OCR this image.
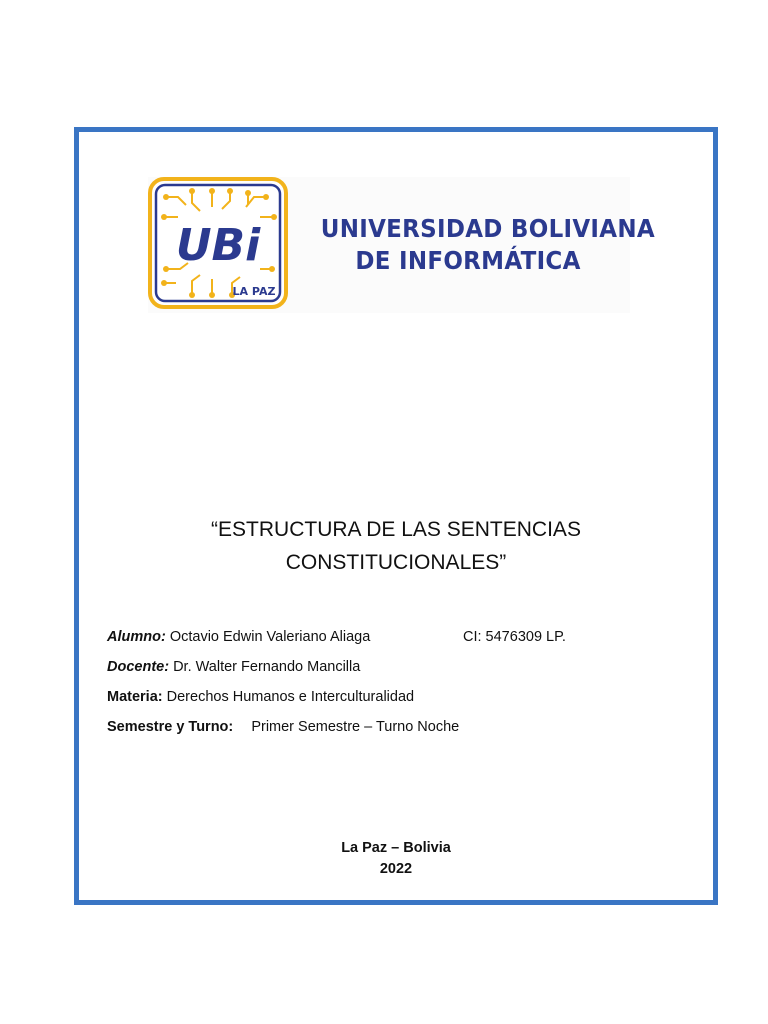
UBi
LA PAZ
UNIVERSIDAD BOLIVIANA
DE INFORMÁTICA
“ESTRUCTURA DE LAS SENTENCIAS
CONSTITUCIONALES”
Alumno: Octavio Edwin Valeriano Aliaga	CI: 5476309 LP.
Docente: Dr. Walter Fernando Mancilla
Materia: Derechos Humanos e Interculturalidad
Semestre y Turno:  Primer Semestre – Turno Noche
La Paz – Bolivia
2022
